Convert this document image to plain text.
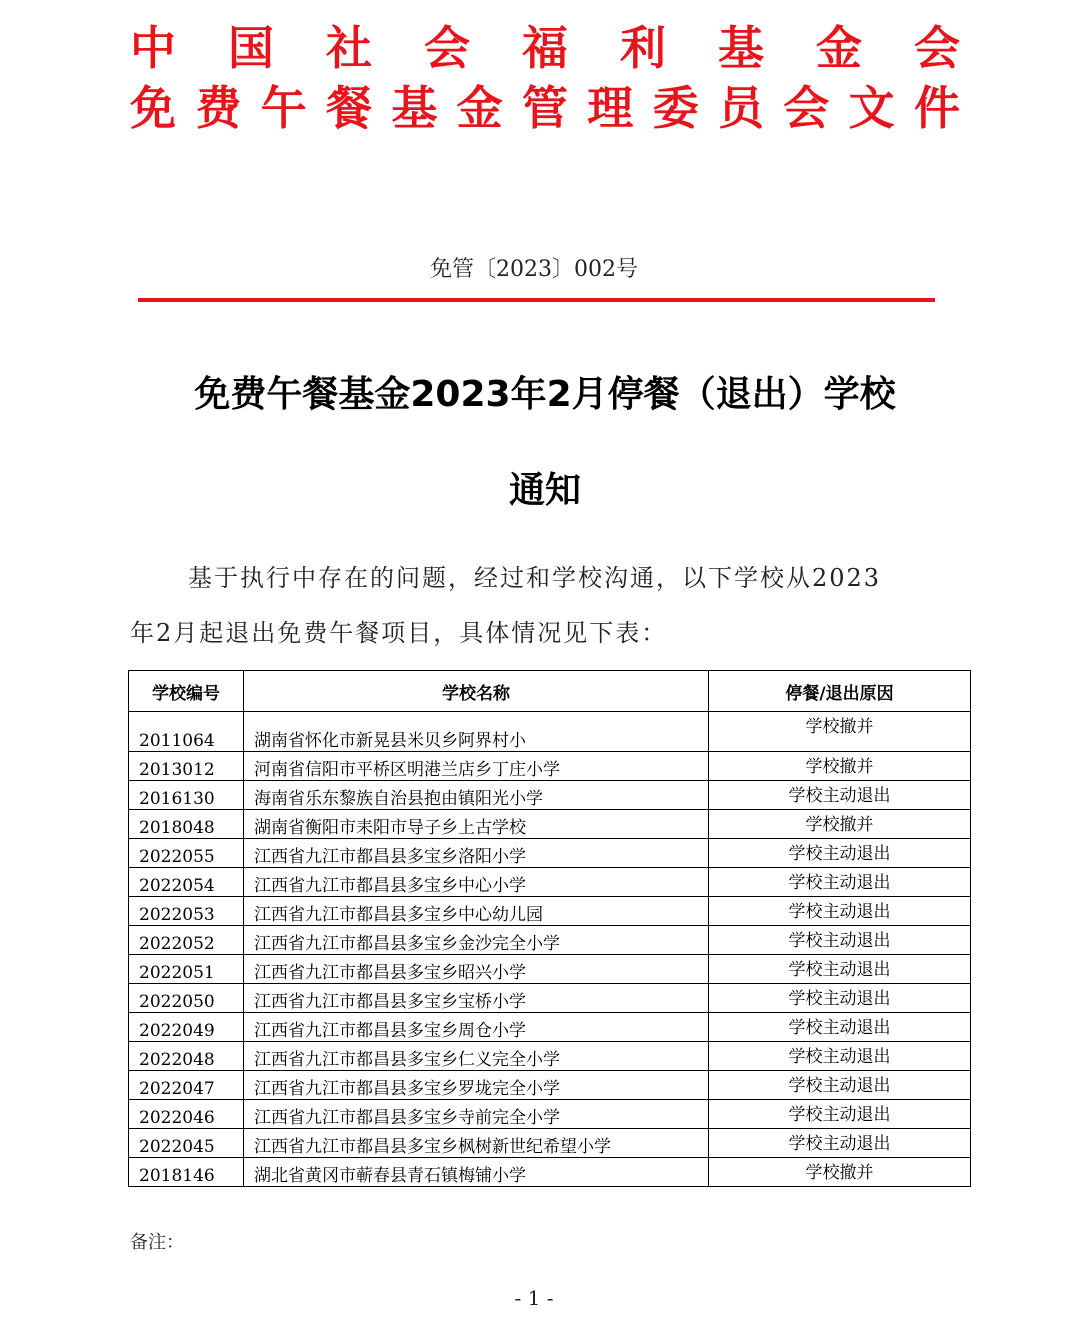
中 国 社 会 福 利 基 金 会
免 费 午 餐 基 金 管 理 委 员 会 文 件
免管〔2023〕002号
免费午餐基金2023年2月停餐（退出）学校
通知
基于执行中存在的问题，经过和学校沟通，以下学校从2023
年2月起退出免费午餐项目，具体情况见下表：
学校编号	学校名称	停餐/退出原因
2011064	湖南省怀化市新晃县米贝乡阿界村小	学校撤并
2013012	河南省信阳市平桥区明港兰店乡丁庄小学	学校撤并
2016130	海南省乐东黎族自治县抱由镇阳光小学	学校主动退出
2018048	湖南省衡阳市耒阳市导子乡上古学校	学校撤并
2022055	江西省九江市都昌县多宝乡洛阳小学	学校主动退出
2022054	江西省九江市都昌县多宝乡中心小学	学校主动退出
2022053	江西省九江市都昌县多宝乡中心幼儿园	学校主动退出
2022052	江西省九江市都昌县多宝乡金沙完全小学	学校主动退出
2022051	江西省九江市都昌县多宝乡昭兴小学	学校主动退出
2022050	江西省九江市都昌县多宝乡宝桥小学	学校主动退出
2022049	江西省九江市都昌县多宝乡周仓小学	学校主动退出
2022048	江西省九江市都昌县多宝乡仁义完全小学	学校主动退出
2022047	江西省九江市都昌县多宝乡罗垅完全小学	学校主动退出
2022046	江西省九江市都昌县多宝乡寺前完全小学	学校主动退出
2022045	江西省九江市都昌县多宝乡枫树新世纪希望小学	学校主动退出
2018146	湖北省黄冈市蕲春县青石镇梅铺小学	学校撤并
备注：
- 1 -
